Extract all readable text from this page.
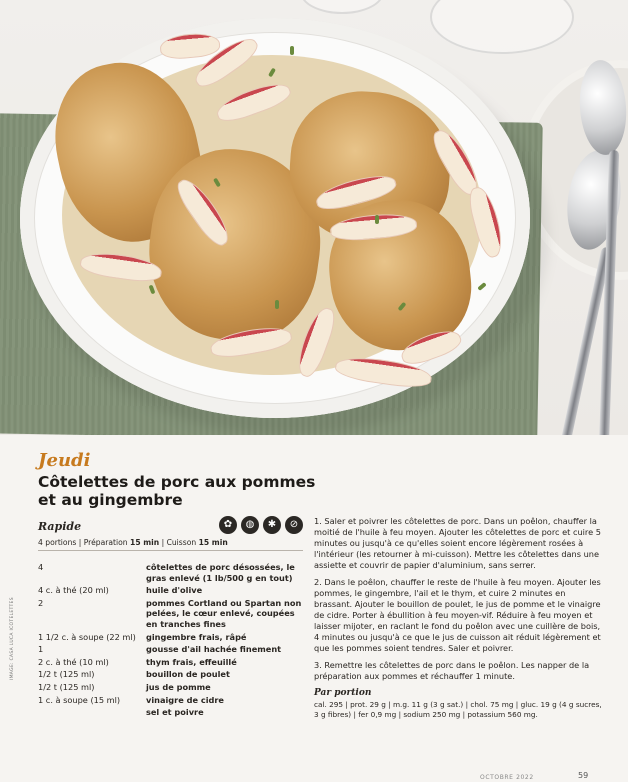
Jeudi
Côtelettes de porc aux pommes et au gingembre
Rapide	✿	◍	✱	⊘
4 portions | Préparation 15 min | Cuisson 15 min
4	côtelettes de porc désossées, le gras enlevé (1 lb/500 g en tout)
4 c. à thé (20 ml)	huile d'olive
2	pommes Cortland ou Spartan non pelées, le cœur enlevé, coupées en tranches fines
1 1/2 c. à soupe (22 ml)	gingembre frais, râpé
1	gousse d'ail hachée finement
2 c. à thé (10 ml)	thym frais, effeuillé
1/2 t (125 ml)	bouillon de poulet
1/2 t (125 ml)	jus de pomme
1 c. à soupe (15 ml)	vinaigre de cidre
sel et poivre

1. Saler et poivrer les côtelettes de porc. Dans un poêlon, chauffer la moitié de l'huile à feu moyen. Ajouter les côtelettes de porc et cuire 5 minutes ou jusqu'à ce qu'elles soient encore légèrement rosées à l'intérieur (les retourner à mi-cuisson). Mettre les côtelettes dans une assiette et couvrir de papier d'aluminium, sans serrer.

2. Dans le poêlon, chauffer le reste de l'huile à feu moyen. Ajouter les pommes, le gingembre, l'ail et le thym, et cuire 2 minutes en brassant. Ajouter le bouillon de poulet, le jus de pomme et le vinaigre de cidre. Porter à ébullition à feu moyen-vif. Réduire à feu moyen et laisser mijoter, en raclant le fond du poêlon avec une cuillère de bois, 4 minutes ou jusqu'à ce que le jus de cuisson ait réduit légèrement et que les pommes soient tendres. Saler et poivrer.

3. Remettre les côtelettes de porc dans le poêlon. Les napper de la préparation aux pommes et réchauffer 1 minute.

Par portion
cal. 295 | prot. 29 g | m.g. 11 g (3 g sat.) | chol. 75 mg | gluc. 19 g (4 g sucres, 3 g fibres) | fer 0,9 mg | sodium 250 mg | potassium 560 mg.
IMAGE: CASA LUCA ICOTELETTES
OCTOBRE 2022	59
